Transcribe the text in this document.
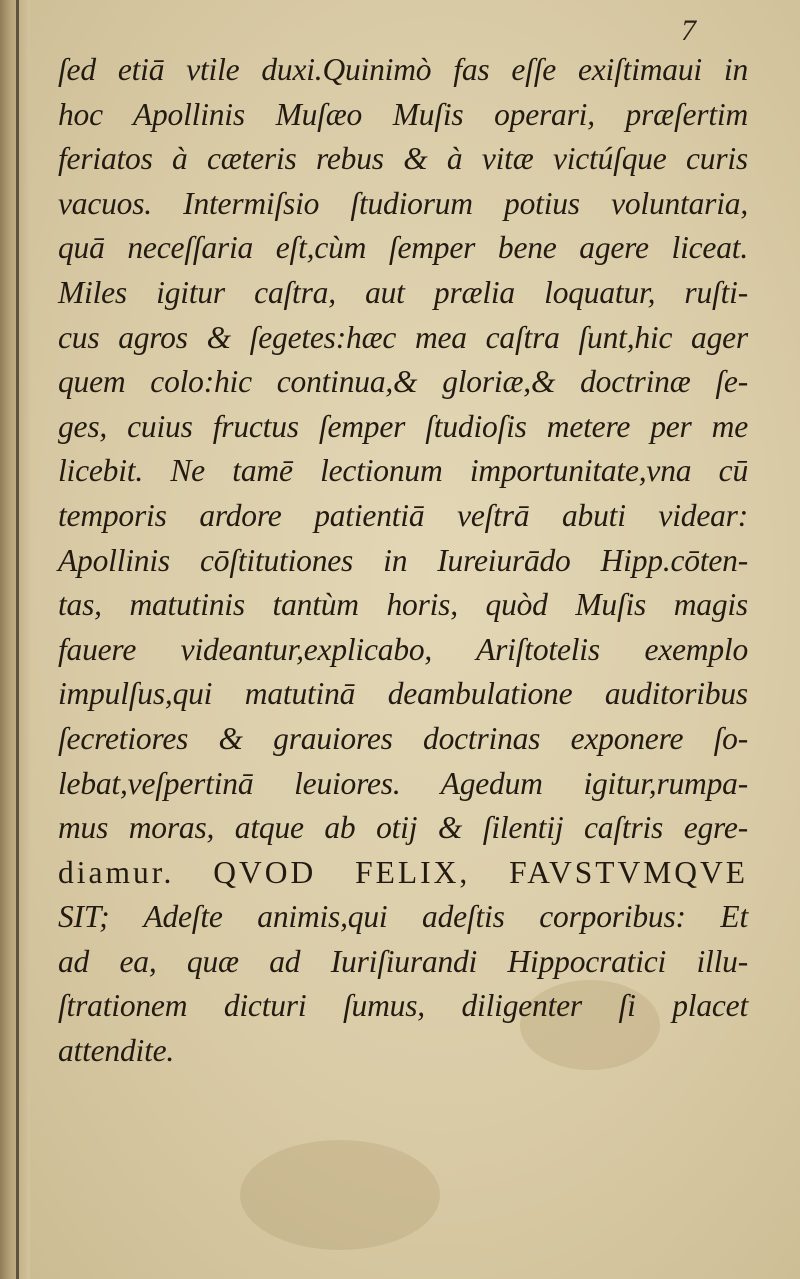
7

ſed etiā vtile duxi.Quinimò fas eſſe exiſtimaui in
hoc Apollinis Muſæo Muſis operari, præſertim
feriatos à cæteris rebus & à vitæ victúſque curis
vacuos. Intermiſsio ſtudiorum potius voluntaria,
quā neceſſaria eſt,cùm ſemper bene agere liceat.
Miles igitur caſtra, aut prælia loquatur, ruſti-
cus agros & ſegetes:hæc mea caſtra ſunt,hic ager
quem colo:hic continua,& gloriæ,& doctrinæ ſe-
ges, cuius fructus ſemper ſtudioſis metere per me
licebit. Ne tamē lectionum importunitate,vna cū
temporis ardore patientiā veſtrā abuti videar:
Apollinis cōſtitutiones in Iureiurādo Hipp.cōten-
tas, matutinis tantùm horis, quòd Muſis magis
fauere videantur,explicabo, Ariſtotelis exemplo
impulſus,qui matutinā deambulatione auditoribus
ſecretiores & grauiores doctrinas exponere ſo-
lebat,veſpertinā leuiores. Agedum igitur,rumpa-
mus moras, atque ab otij & ſilentij caſtris egre-
diamur. QVOD FELIX, FAVSTVMQVE
SIT; Adeſte animis,qui adeſtis corporibus: Et
ad ea, quæ ad Iuriſiurandi Hippocratici illu-
ſtrationem dicturi ſumus, diligenter ſi placet
attendite.
